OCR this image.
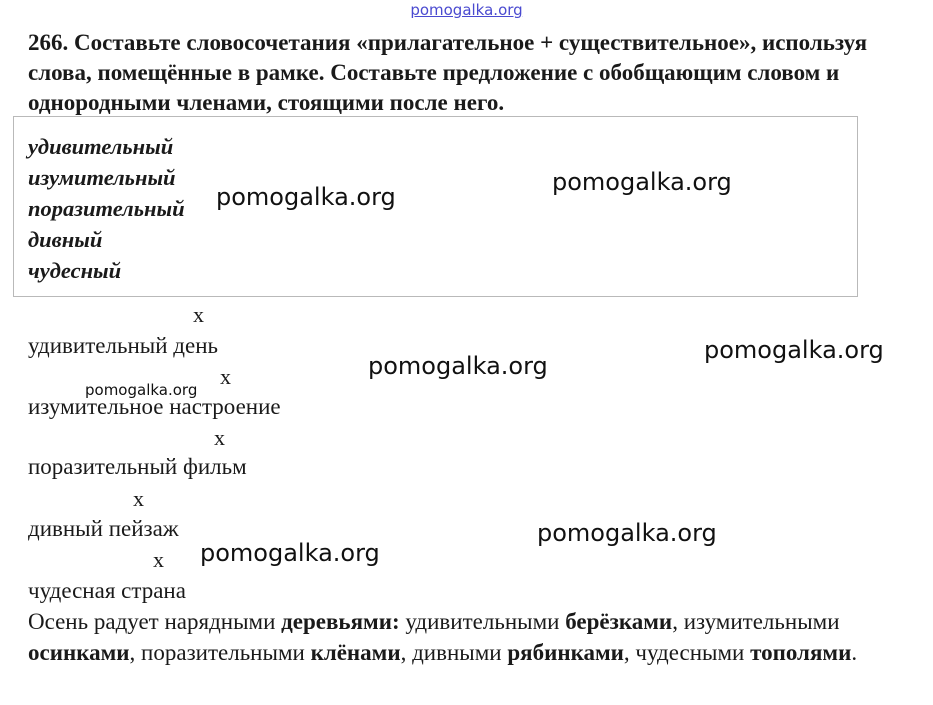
pomogalka.org
266. Составьте словосочетания «прилагательное + существительное», используя слова, помещённые в рамке. Составьте предложение с обобщающим словом и однородными членами, стоящими после него.
удивительный
изумительный
поразительный
дивный
чудесный
pomogalka.org
pomogalka.org
х
удивительный день
pomogalka.org
pomogalka.org
pomogalka.org
х
изумительное настроение
х
поразительный фильм
х
дивный пейзаж	pomogalka.org
pomogalka.org
х
чудесная страна
Осень радует нарядными деревьями: удивительными берёзками, изумительными осинками, поразительными клёнами, дивными рябинками, чудесными тополями.
